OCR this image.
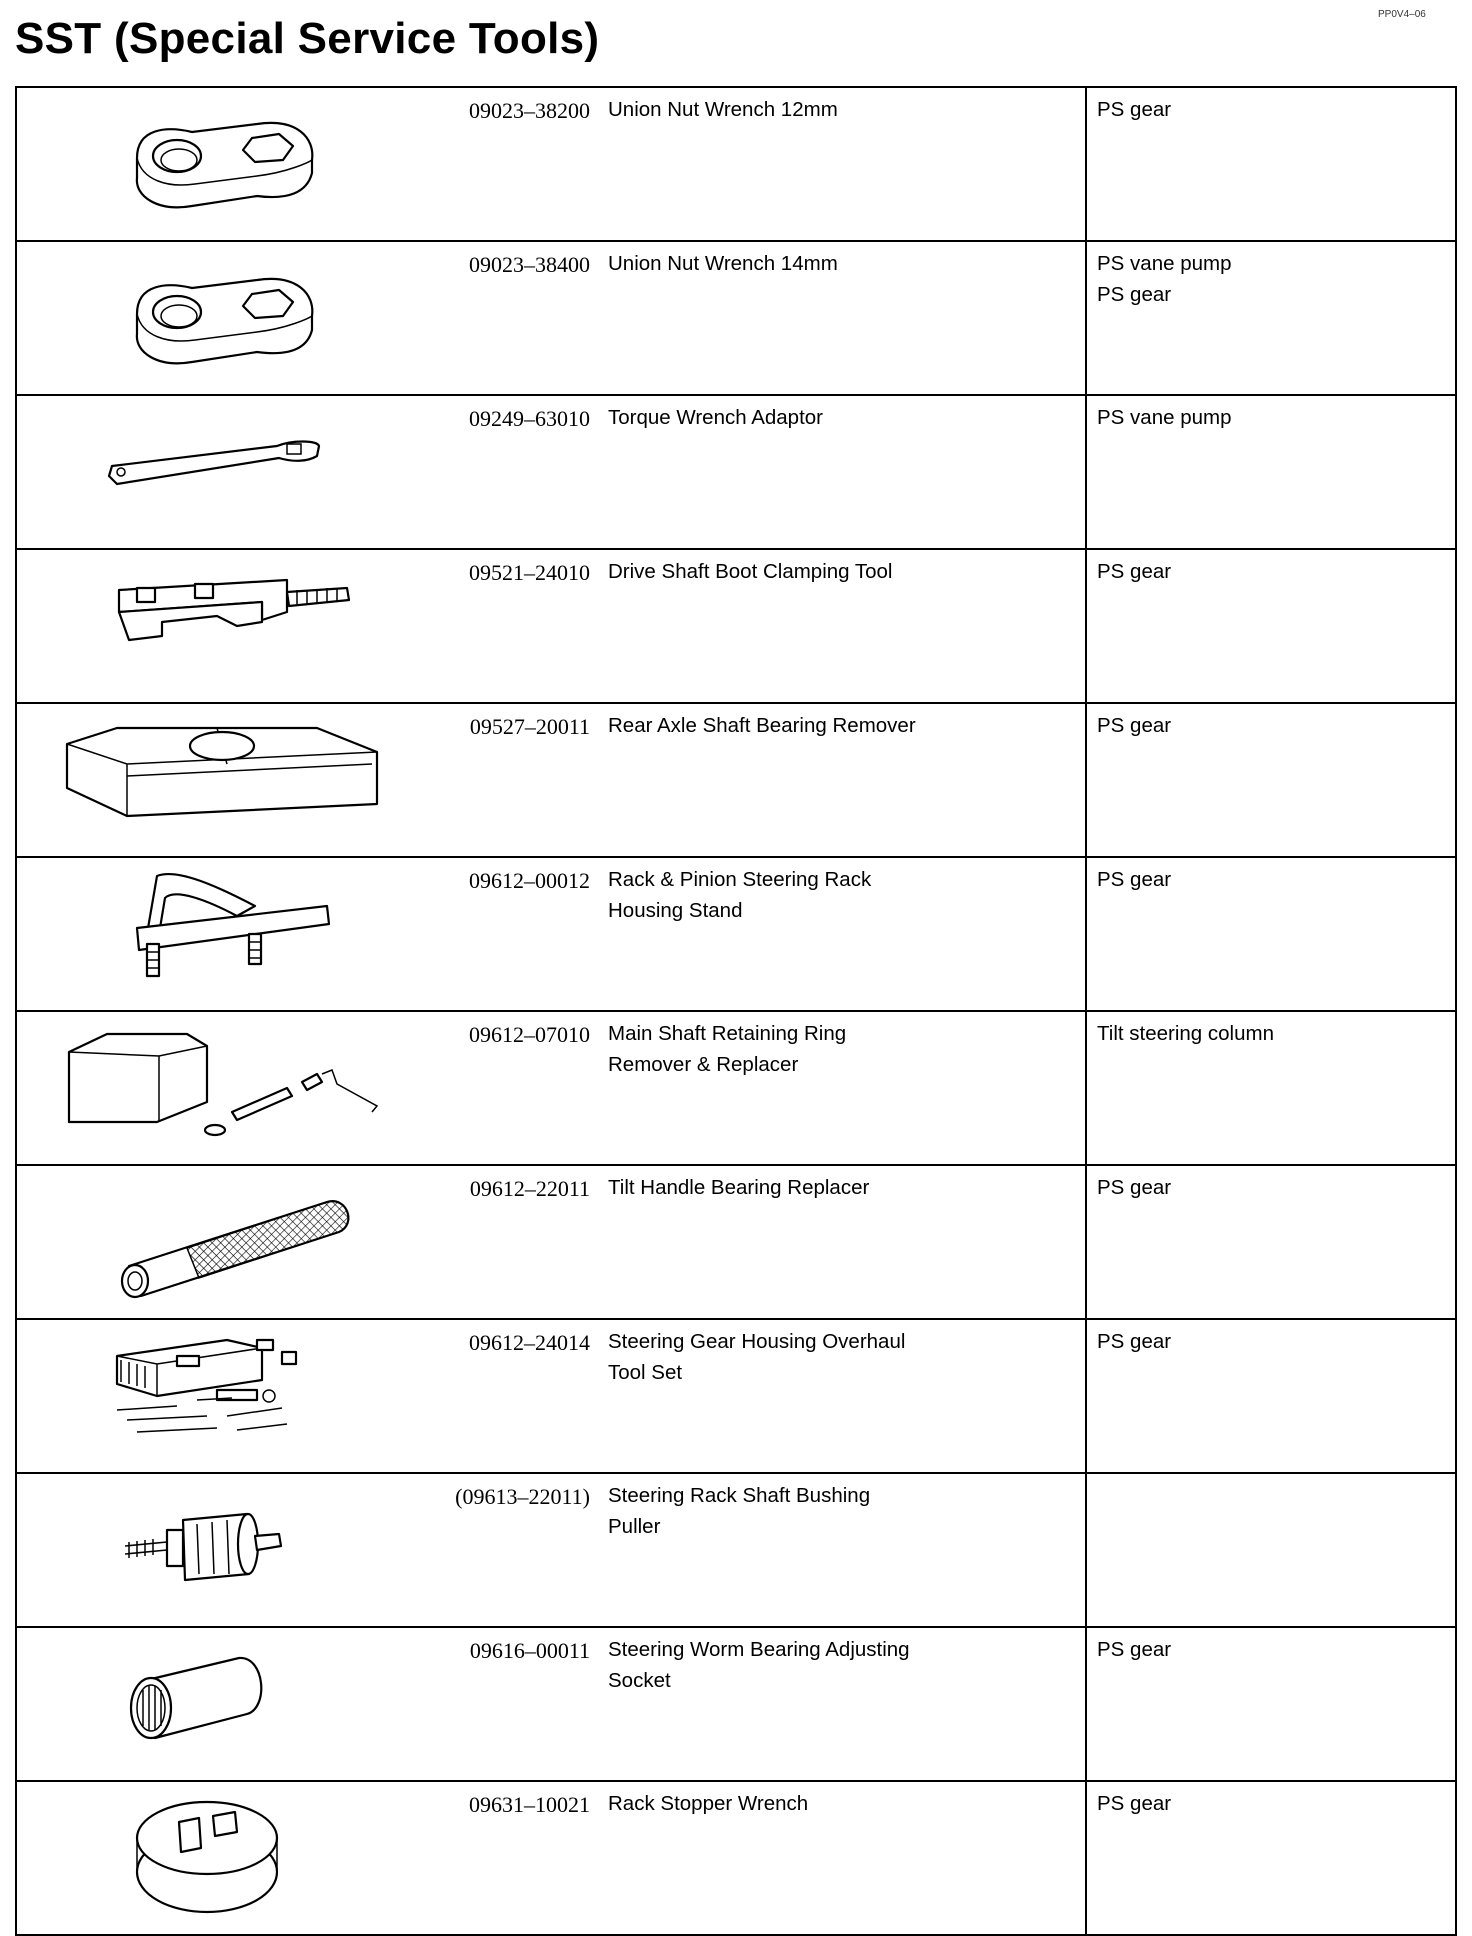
PP0V4–06
SST (Special Service Tools)
	09023–38200	Union Nut Wrench 12mm	PS gear

	09023–38400	Union Nut Wrench 14mm	PS vane pump
PS gear

	09249–63010	Torque Wrench Adaptor	PS vane pump

	09521–24010	Drive Shaft Boot Clamping Tool	PS gear

	09527–20011	Rear Axle Shaft Bearing Remover	PS gear

	09612–00012	Rack & Pinion Steering Rack
Housing Stand	PS gear

	09612–07010	Main Shaft Retaining Ring
Remover & Replacer	Tilt steering column

	09612–22011	Tilt Handle Bearing Replacer	PS gear

	09612–24014	Steering Gear Housing Overhaul
Tool Set	PS gear

	(09613–22011)	Steering Rack Shaft Bushing
Puller	

	09616–00011	Steering Worm Bearing Adjusting
Socket	PS gear

	09631–10021	Rack Stopper Wrench	PS gear
